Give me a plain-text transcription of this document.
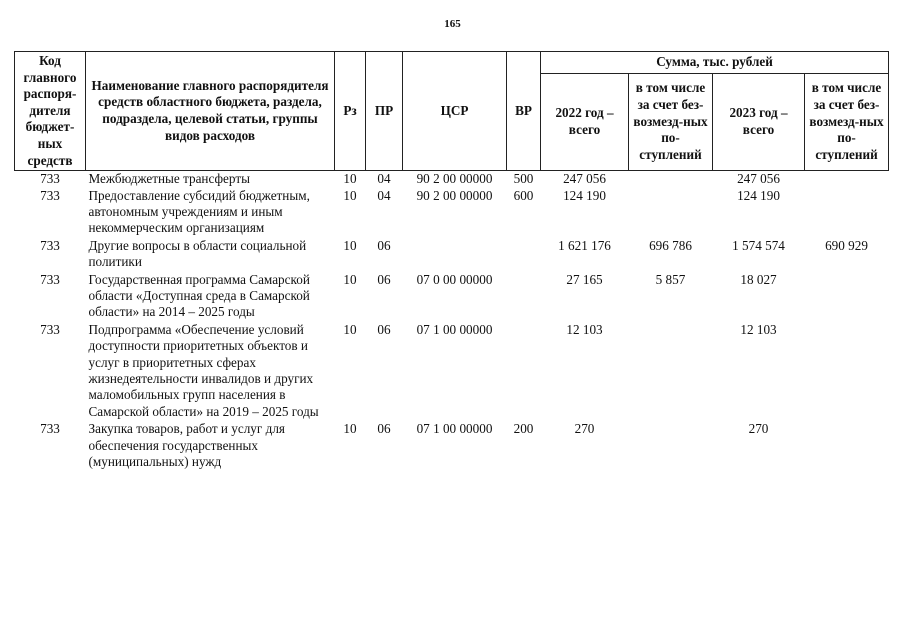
165
Код главного распоря-дителя бюджет-ных средств	Наименование главного распорядителя средств областного бюджета, раздела, подраздела, целевой статьи, группы видов расходов	Рз	ПР	ЦСР	ВР	Сумма, тыс. рублей			
						2022 год – всего	в том числе за счет без-возмезд-ных по-ступлений	2023 год – всего	в том числе за счет без-возмезд-ных по-ступлений
733	Межбюджетные трансферты	10	04	90 2 00 00000	500	247 056		247 056	
733	Предоставление субсидий бюджетным, автономным учреждениям и иным некоммерческим организациям	10	04	90 2 00 00000	600	124 190		124 190	
733	Другие вопросы в области социальной политики	10	06			1 621 176	696 786	1 574 574	690 929
733	Государственная программа Самарской области «Доступная среда в Самарской области» на 2014 – 2025 годы	10	06	07 0 00 00000		27 165	5 857	18 027	
733	Подпрограмма «Обеспечение условий доступности приоритетных объектов и услуг в приоритетных сферах жизнедеятельности инвалидов и других маломобильных групп населения в Самарской области» на 2019 – 2025 годы	10	06	07 1 00 00000		12 103		12 103	
733	Закупка товаров, работ и услуг для обеспечения государственных (муниципальных) нужд	10	06	07 1 00 00000	200	270		270	
